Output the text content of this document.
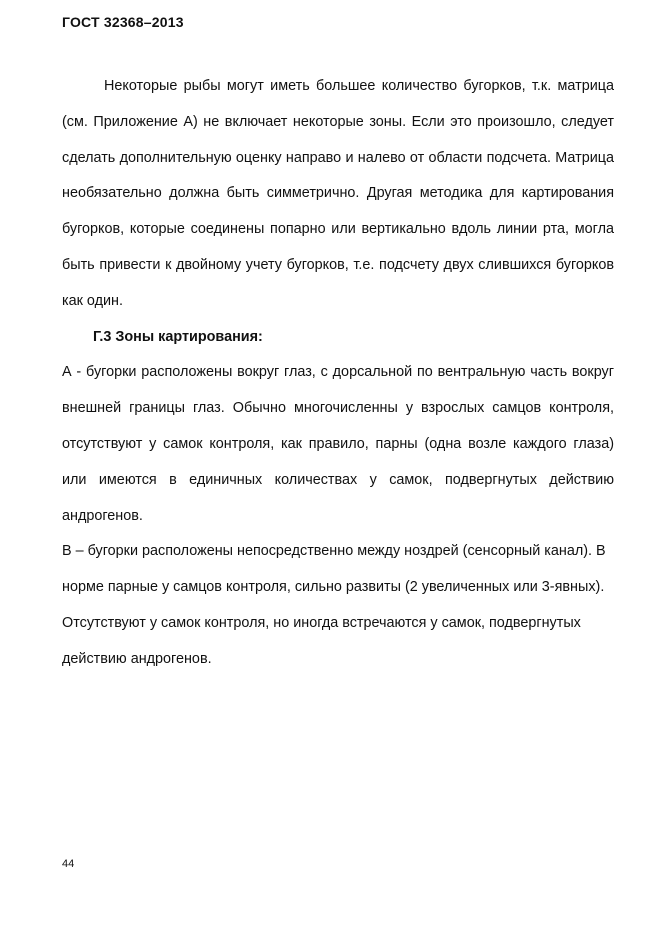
ГОСТ 32368–2013

Некоторые рыбы могут иметь большее количество бугорков, т.к. матрица (см. Приложение А) не включает некоторые зоны. Если это произошло, следует сделать дополнительную оценку направо и налево от области подсчета. Матрица необязательно должна быть симметрично. Другая методика для картирования бугорков, которые соединены попарно или вертикально вдоль линии рта, могла быть привести к двойному учету бугорков, т.е. подсчету двух слившихся бугорков как один.

Г.3 Зоны картирования:

А - бугорки расположены вокруг глаз, с дорсальной по вентральную часть вокруг внешней границы глаз. Обычно многочисленны у взрослых самцов контроля, отсутствуют у самок контроля, как правило, парны (одна возле каждого глаза) или имеются в единичных количествах у самок, подвергнутых действию андрогенов.

В – бугорки расположены непосредственно между ноздрей (сенсорный канал). В норме парные у самцов контроля, сильно развиты (2 увеличенных или 3-явных). Отсутствуют у самок контроля, но иногда встречаются у самок, подвергнутых действию андрогенов.

44
